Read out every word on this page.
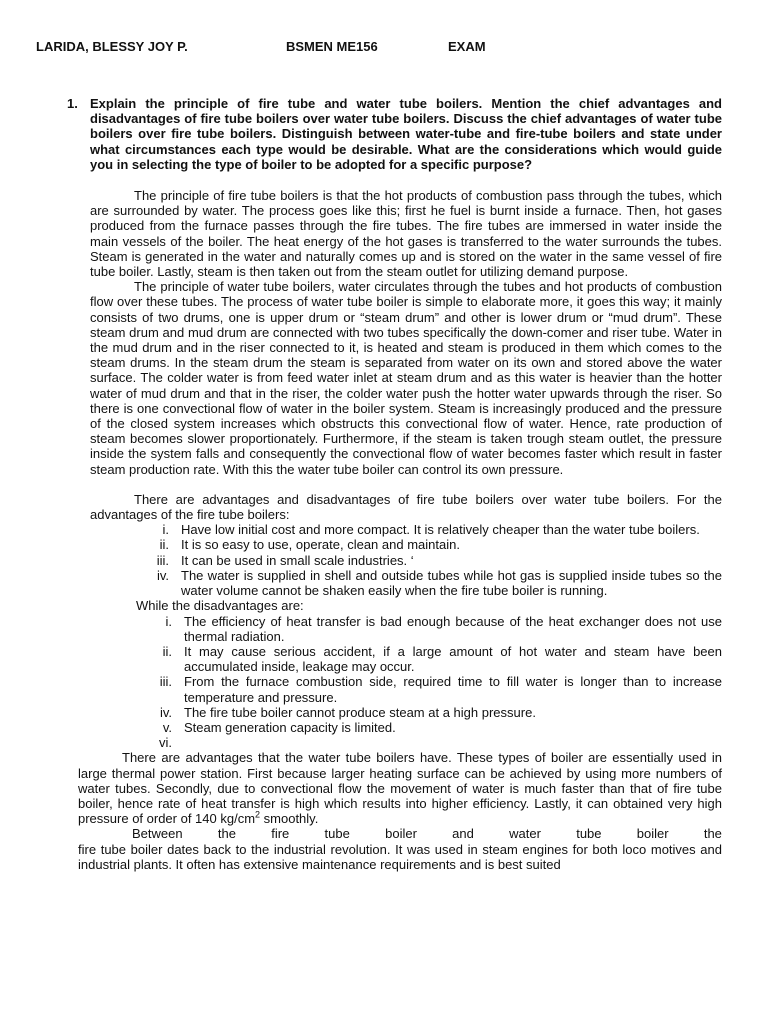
LARIDA, BLESSY JOY P.	BSMEN ME156	EXAM
1. Explain the principle of fire tube and water tube boilers. Mention the chief advantages and disadvantages of fire tube boilers over water tube boilers. Discuss the chief advantages of water tube boilers over fire tube boilers. Distinguish between water-tube and fire-tube boilers and state under what circumstances each type would be desirable. What are the considerations which would guide you in selecting the type of boiler to be adopted for a specific purpose?

The principle of fire tube boilers is that the hot products of combustion pass through the tubes, which are surrounded by water. The process goes like this; first he fuel is burnt inside a furnace. Then, hot gases produced from the furnace passes through the fire tubes. The fire tubes are immersed in water inside the main vessels of the boiler. The heat energy of the hot gases is transferred to the water surrounds the tubes. Steam is generated in the water and naturally comes up and is stored on the water in the same vessel of fire tube boiler. Lastly, steam is then taken out from the steam outlet for utilizing demand purpose.

The principle of water tube boilers, water circulates through the tubes and hot products of combustion flow over these tubes. The process of water tube boiler is simple to elaborate more, it goes this way; it mainly consists of two drums, one is upper drum or “steam drum” and other is lower drum or “mud drum”. These steam drum and mud drum are connected with two tubes specifically the down-comer and riser tube. Water in the mud drum and in the riser connected to it, is heated and steam is produced in them which comes to the steam drums. In the steam drum the steam is separated from water on its own and stored above the water surface. The colder water is from feed water inlet at steam drum and as this water is heavier than the hotter water of mud drum and that in the riser, the colder water push the hotter water upwards through the riser. So there is one convectional flow of water in the boiler system. Steam is increasingly produced and the pressure of the closed system increases which obstructs this convectional flow of water. Hence, rate production of steam becomes slower proportionately. Furthermore, if the steam is taken trough steam outlet, the pressure inside the system falls and consequently the convectional flow of water becomes faster which result in faster steam production rate. With this the water tube boiler can control its own pressure.

There are advantages and disadvantages of fire tube boilers over water tube boilers. For the advantages of the fire tube boilers:

i. Have low initial cost and more compact. It is relatively cheaper than the water tube boilers.
ii. It is so easy to use, operate, clean and maintain.
iii. It can be used in small scale industries. ‘
iv. The water is supplied in shell and outside tubes while hot gas is supplied inside tubes so the water volume cannot be shaken easily when the fire tube boiler is running.

While the disadvantages are:

i. The efficiency of heat transfer is bad enough because of the heat exchanger does not use thermal radiation.
ii. It may cause serious accident, if a large amount of hot water and steam have been accumulated inside, leakage may occur.
iii. From the furnace combustion side, required time to fill water is longer than to increase temperature and pressure.
iv. The fire tube boiler cannot produce steam at a high pressure.
v. Steam generation capacity is limited.
vi.

There are advantages that the water tube boilers have. These types of boiler are essentially used in large thermal power station. First because larger heating surface can be achieved by using more numbers of water tubes. Secondly, due to convectional flow the movement of water is much faster than that of fire tube boiler, hence rate of heat transfer is high which results into higher efficiency. Lastly, it can obtained very high pressure of order of 140 $kg/cm^2$ smoothly.

Between	the	fire	tube	boiler	and	water	tube	boiler	the

fire tube boiler dates back to the industrial revolution. It was used in steam engines for both loco motives and industrial plants. It often has extensive maintenance requirements and is best suited
